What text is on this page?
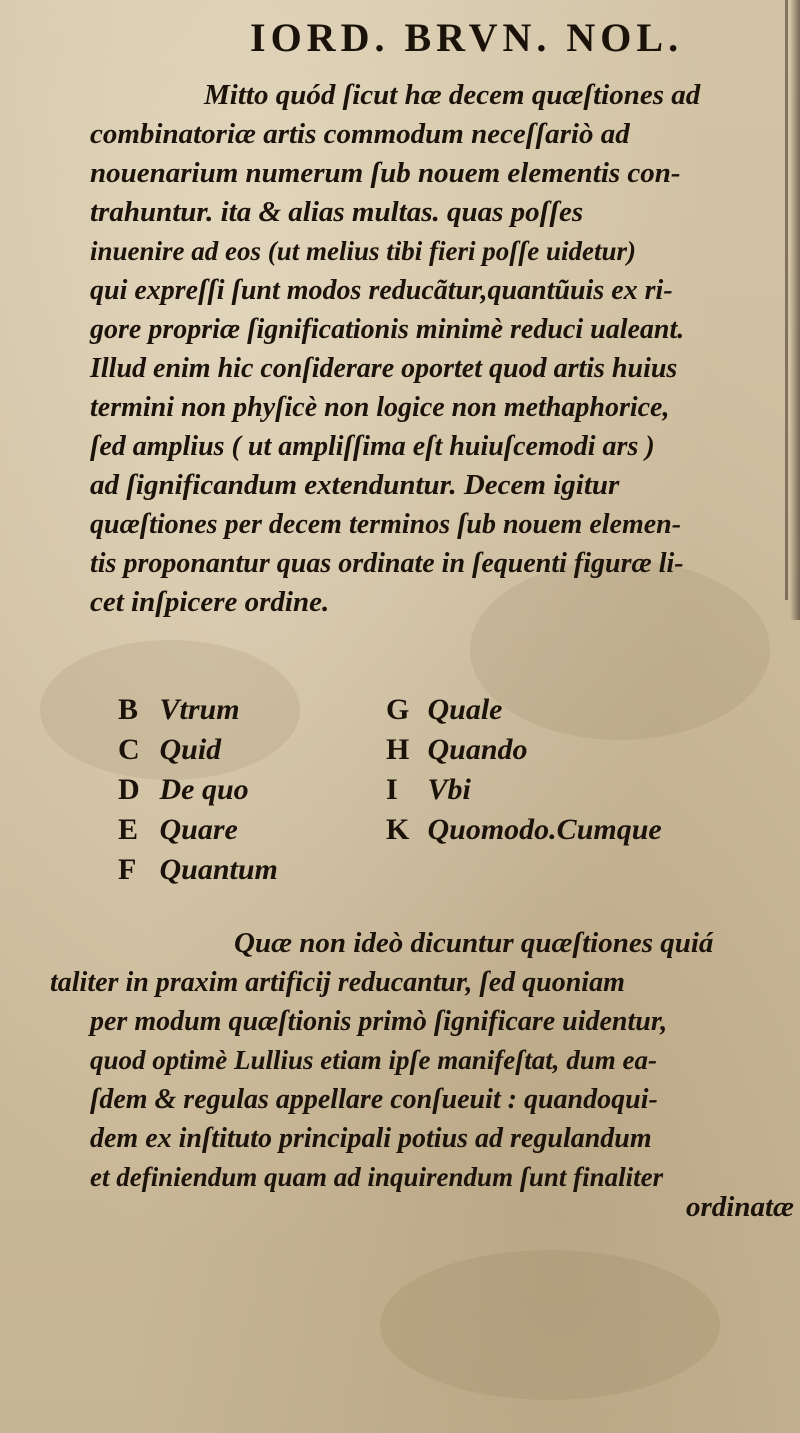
IORD. BRVN. NOL.
Mitto quód ſicut hæ decem quæſtiones ad
combinatoriæ artis commodum neceſſariò ad
nouenarium numerum ſub nouem elementis con-
trahuntur. ita & alias multas. quas poſſes
inuenire ad eos (ut melius tibi fieri poſſe uidetur)
qui expreſſi ſunt modos reducãtur,quantũuis ex ri-
gore propriæ ſignificationis minimè reduci ualeant.
Illud enim hic conſiderare oportet quod artis huius
termini non phyſicè non logice non methaphorice,
ſed amplius ( ut ampliſſima eſt huiuſcemodi ars )
ad ſignificandum extenduntur. Decem igitur
quæſtiones per decem terminos ſub nouem elemen-
tis proponantur quas ordinate in ſequenti figuræ li-
cet inſpicere ordine.
B Vtrum
C Quid
D De quo
E Quare
F Quantum
G Quale
H Quando
I Vbi
K Quomodo.Cumque
Quæ non ideò dicuntur quæſtiones quiá
taliter in praxim artificij reducantur, ſed quoniam
per modum quæſtionis primò ſignificare uidentur,
quod optimè Lullius etiam ipſe manifeſtat, dum ea-
ſdem & regulas appellare conſueuit : quandoqui-
dem ex inſtituto principali potius ad regulandum
et definiendum quam ad inquirendum ſunt finaliter
ordinatæ
